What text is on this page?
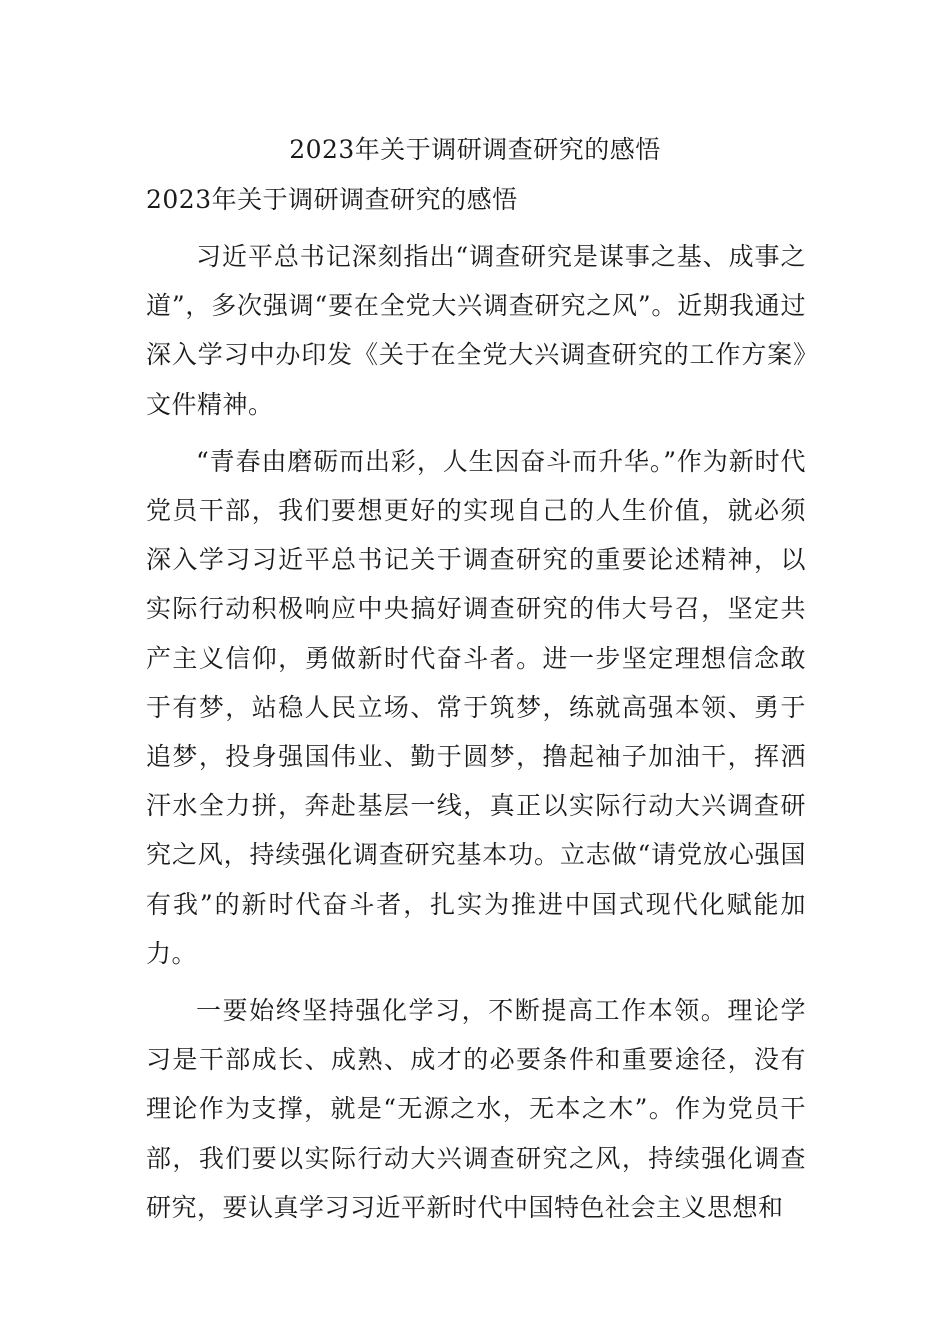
2023年关于调研调查研究的感悟
2023年关于调研调查研究的感悟

习近平总书记深刻指出“调查研究是谋事之基、成事之道”，多次强调“要在全党大兴调查研究之风”。近期我通过深入学习中办印发《关于在全党大兴调查研究的工作方案》文件精神。

“青春由磨砺而出彩，人生因奋斗而升华。”作为新时代党员干部，我们要想更好的实现自己的人生价值，就必须深入学习习近平总书记关于调查研究的重要论述精神，以实际行动积极响应中央搞好调查研究的伟大号召，坚定共产主义信仰，勇做新时代奋斗者。进一步坚定理想信念敢于有梦，站稳人民立场、常于筑梦，练就高强本领、勇于追梦，投身强国伟业、勤于圆梦，撸起袖子加油干，挥洒汗水全力拼，奔赴基层一线，真正以实际行动大兴调查研究之风，持续强化调查研究基本功。立志做“请党放心强国有我”的新时代奋斗者，扎实为推进中国式现代化赋能加力。

一要始终坚持强化学习，不断提高工作本领。理论学习是干部成长、成熟、成才的必要条件和重要途径，没有理论作为支撑，就是“无源之水，无本之木”。作为党员干部，我们要以实际行动大兴调查研究之风，持续强化调查研究，要认真学习习近平新时代中国特色社会主义思想和
